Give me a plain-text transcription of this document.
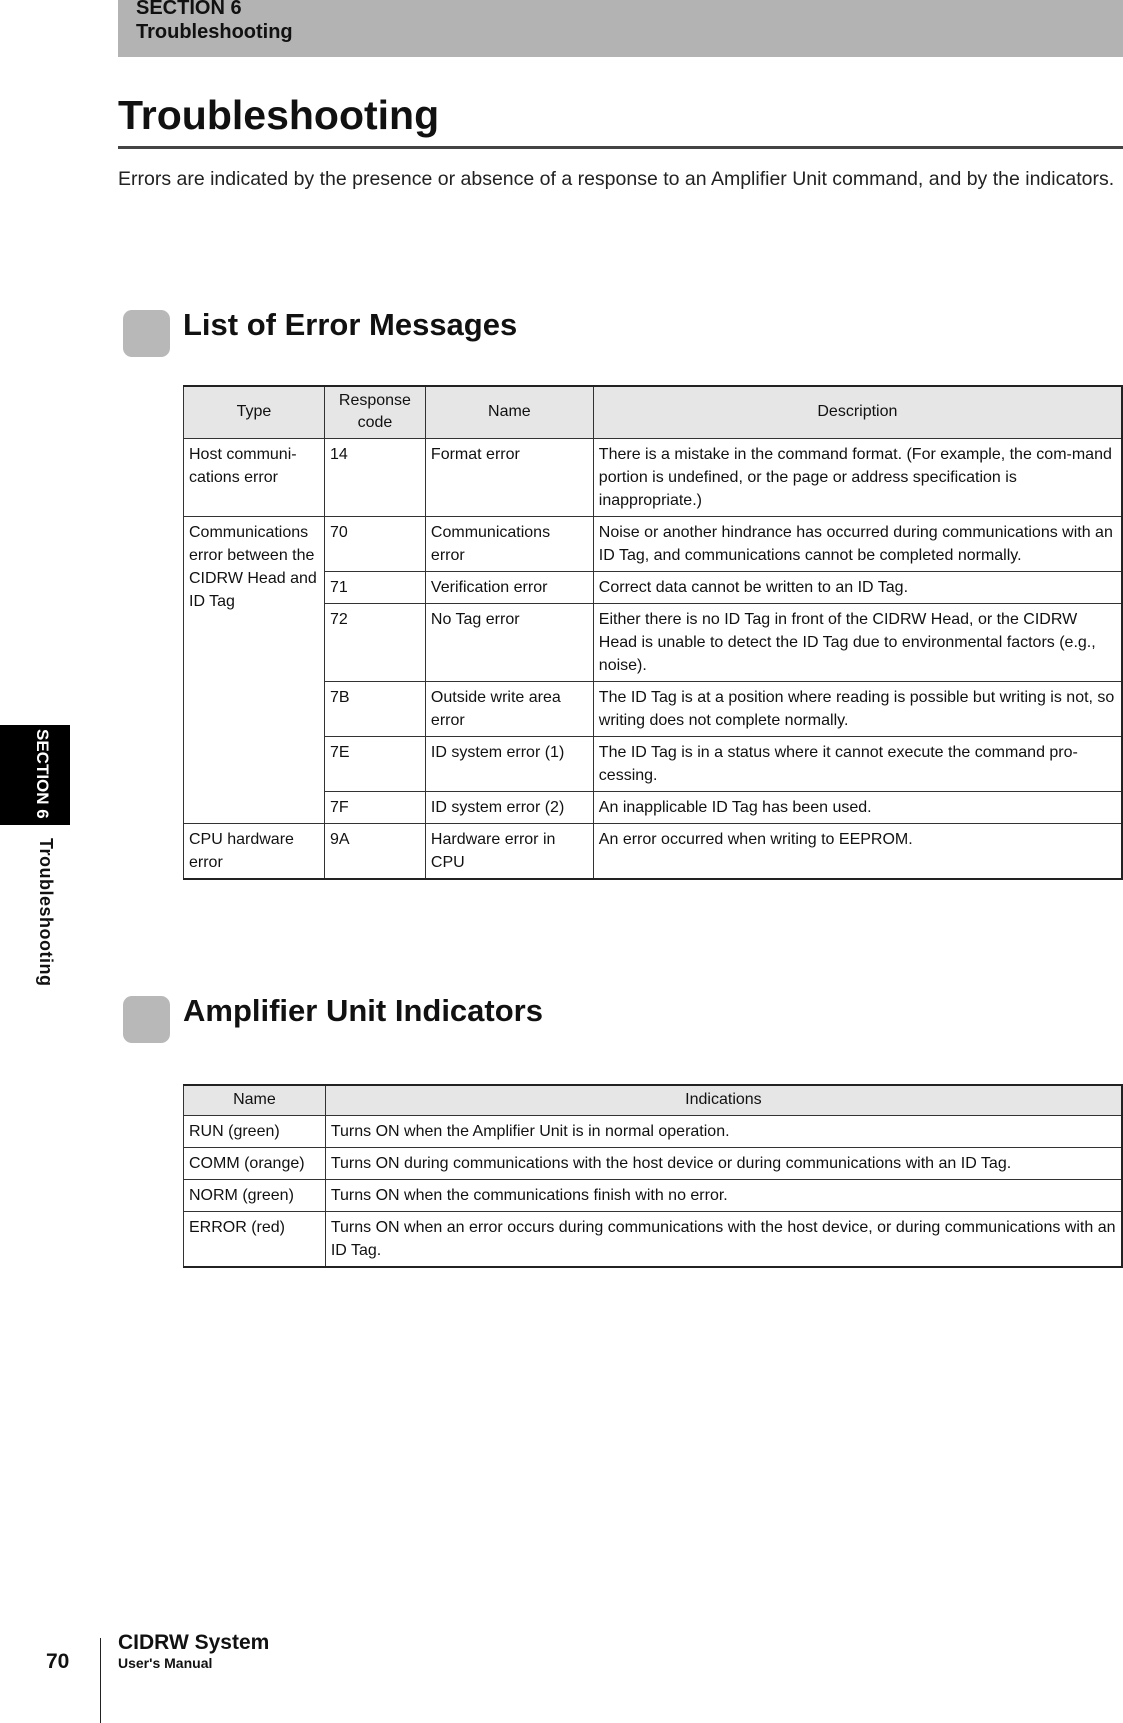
SECTION 6
Troubleshooting
Troubleshooting

Errors are indicated by the presence or absence of a response to an Amplifier Unit command, and by the indicators.

List of Error Messages
Type	Response code	Name	Description
Host communi-cations error	14	Format error	There is a mistake in the command format. (For example, the com-mand portion is undefined, or the page or address specification is inappropriate.)
Communications error between the CIDRW Head and ID Tag	70	Communications error	Noise or another hindrance has occurred during communications with an ID Tag, and communications cannot be completed normally.
	71	Verification error	Correct data cannot be written to an ID Tag.
	72	No Tag error	Either there is no ID Tag in front of the CIDRW Head, or the CIDRW Head is unable to detect the ID Tag due to environmental factors (e.g., noise).
	7B	Outside write area error	The ID Tag is at a position where reading is possible but writing is not, so writing does not complete normally.
	7E	ID system error (1)	The ID Tag is in a status where it cannot execute the command pro-cessing.
	7F	ID system error (2)	An inapplicable ID Tag has been used.
CPU hardware error	9A	Hardware error in CPU	An error occurred when writing to EEPROM.
Amplifier Unit Indicators
Name	Indications
RUN (green)	Turns ON when the Amplifier Unit is in normal operation.
COMM (orange)	Turns ON during communications with the host device or during communications with an ID Tag.
NORM (green)	Turns ON when the communications finish with no error.
ERROR (red)	Turns ON when an error occurs during communications with the host device, or during communications with an ID Tag.
SECTION 6
Troubleshooting
70
CIDRW System
User's Manual
